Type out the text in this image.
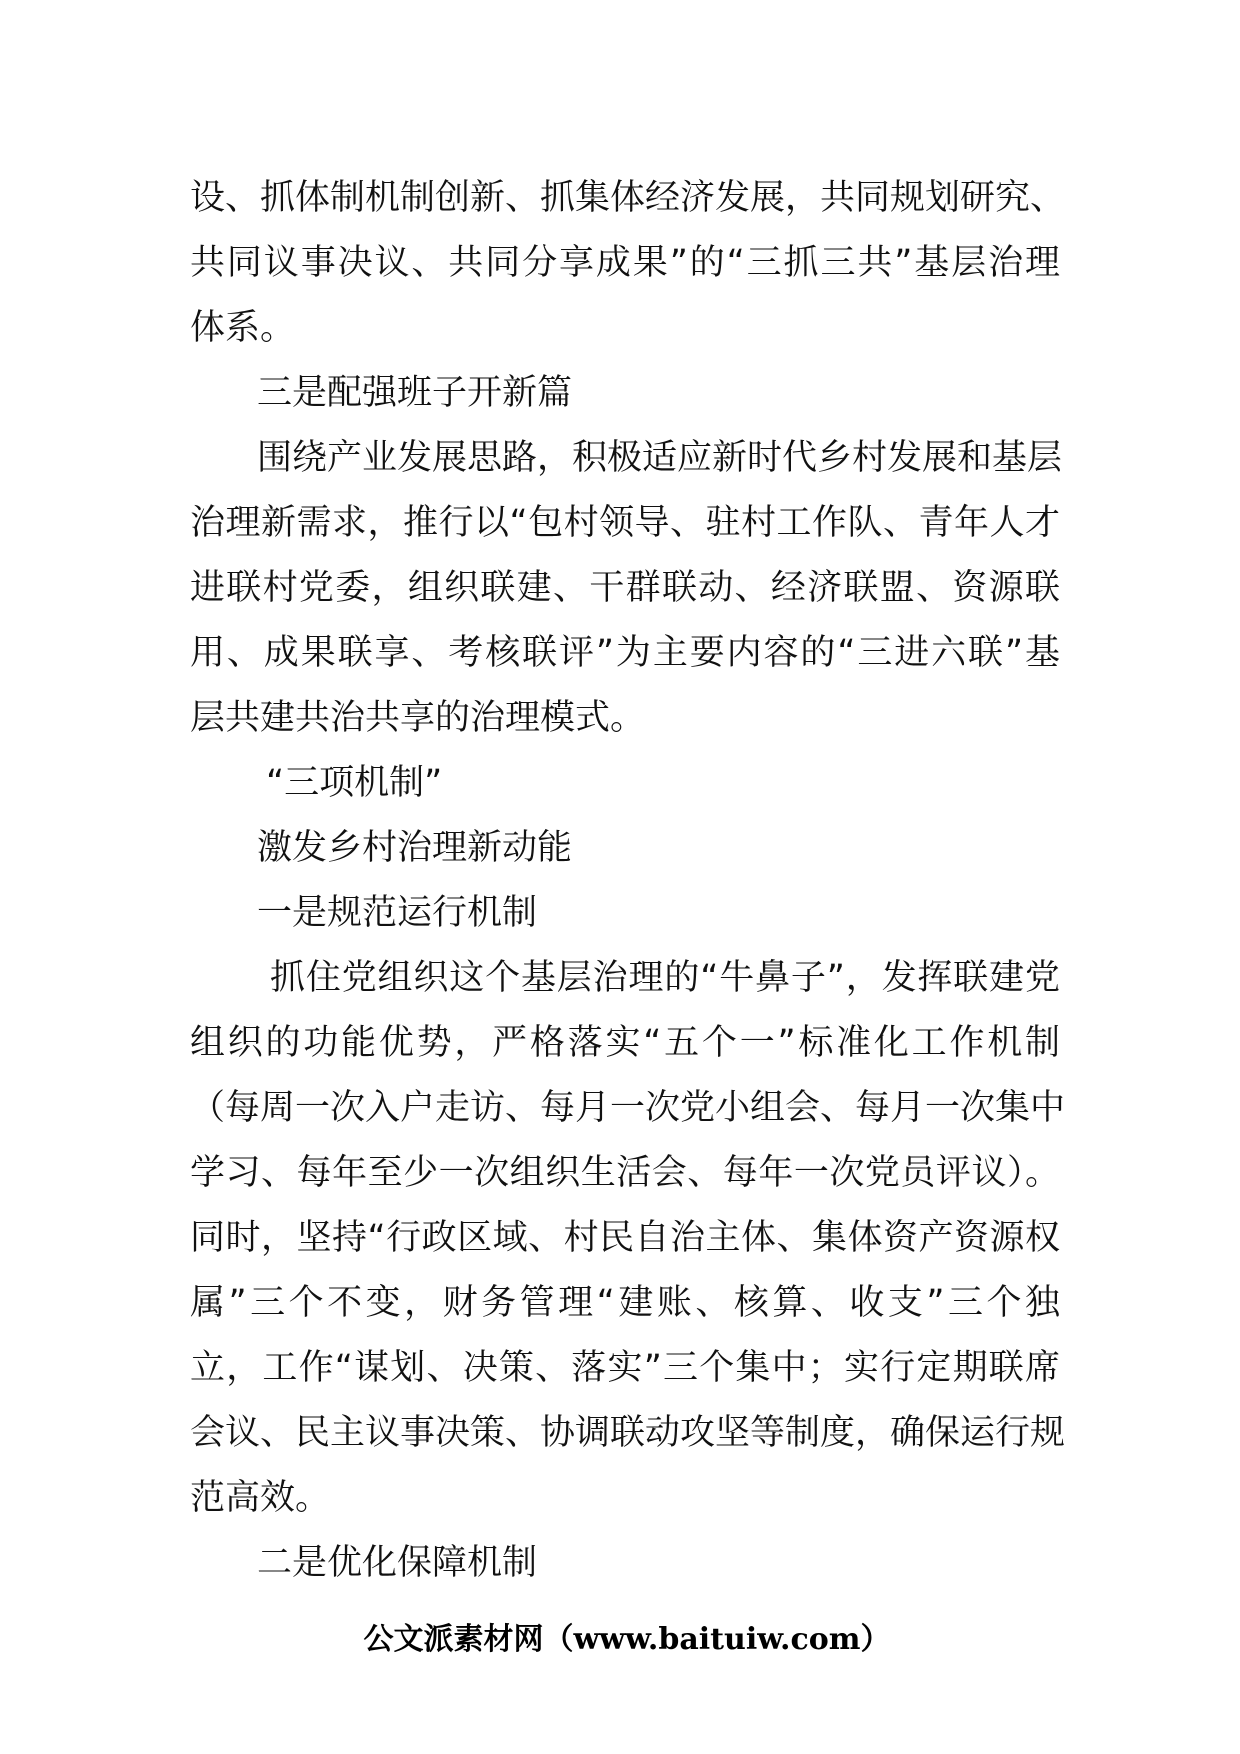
设、抓体制机制创新、抓集体经济发展，共同规划研究、
共同议事决议、共同分享成果”的“三抓三共”基层治理
体系。
三是配强班子开新篇
围绕产业发展思路，积极适应新时代乡村发展和基层
治理新需求，推行以“包村领导、驻村工作队、青年人才
进联村党委，组织联建、干群联动、经济联盟、资源联
用、成果联享、考核联评”为主要内容的“三进六联”基
层共建共治共享的治理模式。
“三项机制”
激发乡村治理新动能
一是规范运行机制
抓住党组织这个基层治理的“牛鼻子”，发挥联建党
组织的功能优势，严格落实“五个一”标准化工作机制
（每周一次入户走访、每月一次党小组会、每月一次集中
学习、每年至少一次组织生活会、每年一次党员评议）。
同时，坚持“行政区域、村民自治主体、集体资产资源权
属”三个不变，财务管理“建账、核算、收支”三个独
立，工作“谋划、决策、落实”三个集中；实行定期联席
会议、民主议事决策、协调联动攻坚等制度，确保运行规
范高效。
二是优化保障机制
公文派素材网（www.baituiw.com）
